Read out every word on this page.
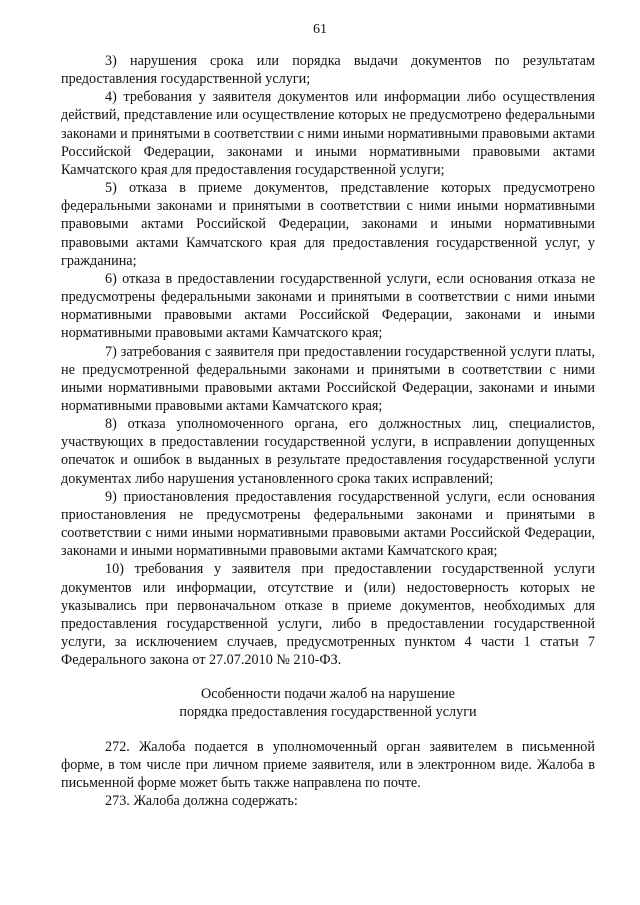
61

3) нарушения срока или порядка выдачи документов по результатам предоставления государственной услуги;

4) требования у заявителя документов или информации либо осуществления действий, представление или осуществление которых не предусмотрено федеральными законами и принятыми в соответствии с ними иными нормативными правовыми актами Российской Федерации, законами и иными нормативными правовыми актами Камчатского края для предоставления государственной услуги;

5) отказа в приеме документов, представление которых предусмотрено федеральными законами и принятыми в соответствии с ними иными нормативными правовыми актами Российской Федерации, законами и иными нормативными правовыми актами Камчатского края для предоставления государственной услуг, у гражданина;

6) отказа в предоставлении государственной услуги, если основания отказа не предусмотрены федеральными законами и принятыми в соответствии с ними иными нормативными правовыми актами Российской Федерации, законами и иными нормативными правовыми актами Камчатского края;

7) затребования с заявителя при предоставлении государственной услуги платы, не предусмотренной федеральными законами и принятыми в соответствии с ними иными нормативными правовыми актами Российской Федерации, законами и иными нормативными правовыми актами Камчатского края;

8) отказа уполномоченного органа, его должностных лиц, специалистов, участвующих в предоставлении государственной услуги, в исправлении допущенных опечаток и ошибок в выданных в результате предоставления государственной услуги документах либо нарушения установленного срока таких исправлений;

9) приостановления предоставления государственной услуги, если основания приостановления не предусмотрены федеральными законами и принятыми в соответствии с ними иными нормативными правовыми актами Российской Федерации, законами и иными нормативными правовыми актами Камчатского края;

10) требования у заявителя при предоставлении государственной услуги документов или информации, отсутствие и (или) недостоверность которых не указывались при первоначальном отказе в приеме документов, необходимых для предоставления государственной услуги, либо в предоставлении государственной услуги, за исключением случаев, предусмотренных пунктом 4 части 1 статьи 7 Федерального закона от 27.07.2010 № 210-ФЗ.

Особенности подачи жалоб на нарушение

порядка предоставления государственной услуги

272. Жалоба подается в уполномоченный орган заявителем в письменной форме, в том числе при личном приеме заявителя, или в электронном виде. Жалоба в письменной форме может быть также направлена по почте.

273. Жалоба должна содержать:
